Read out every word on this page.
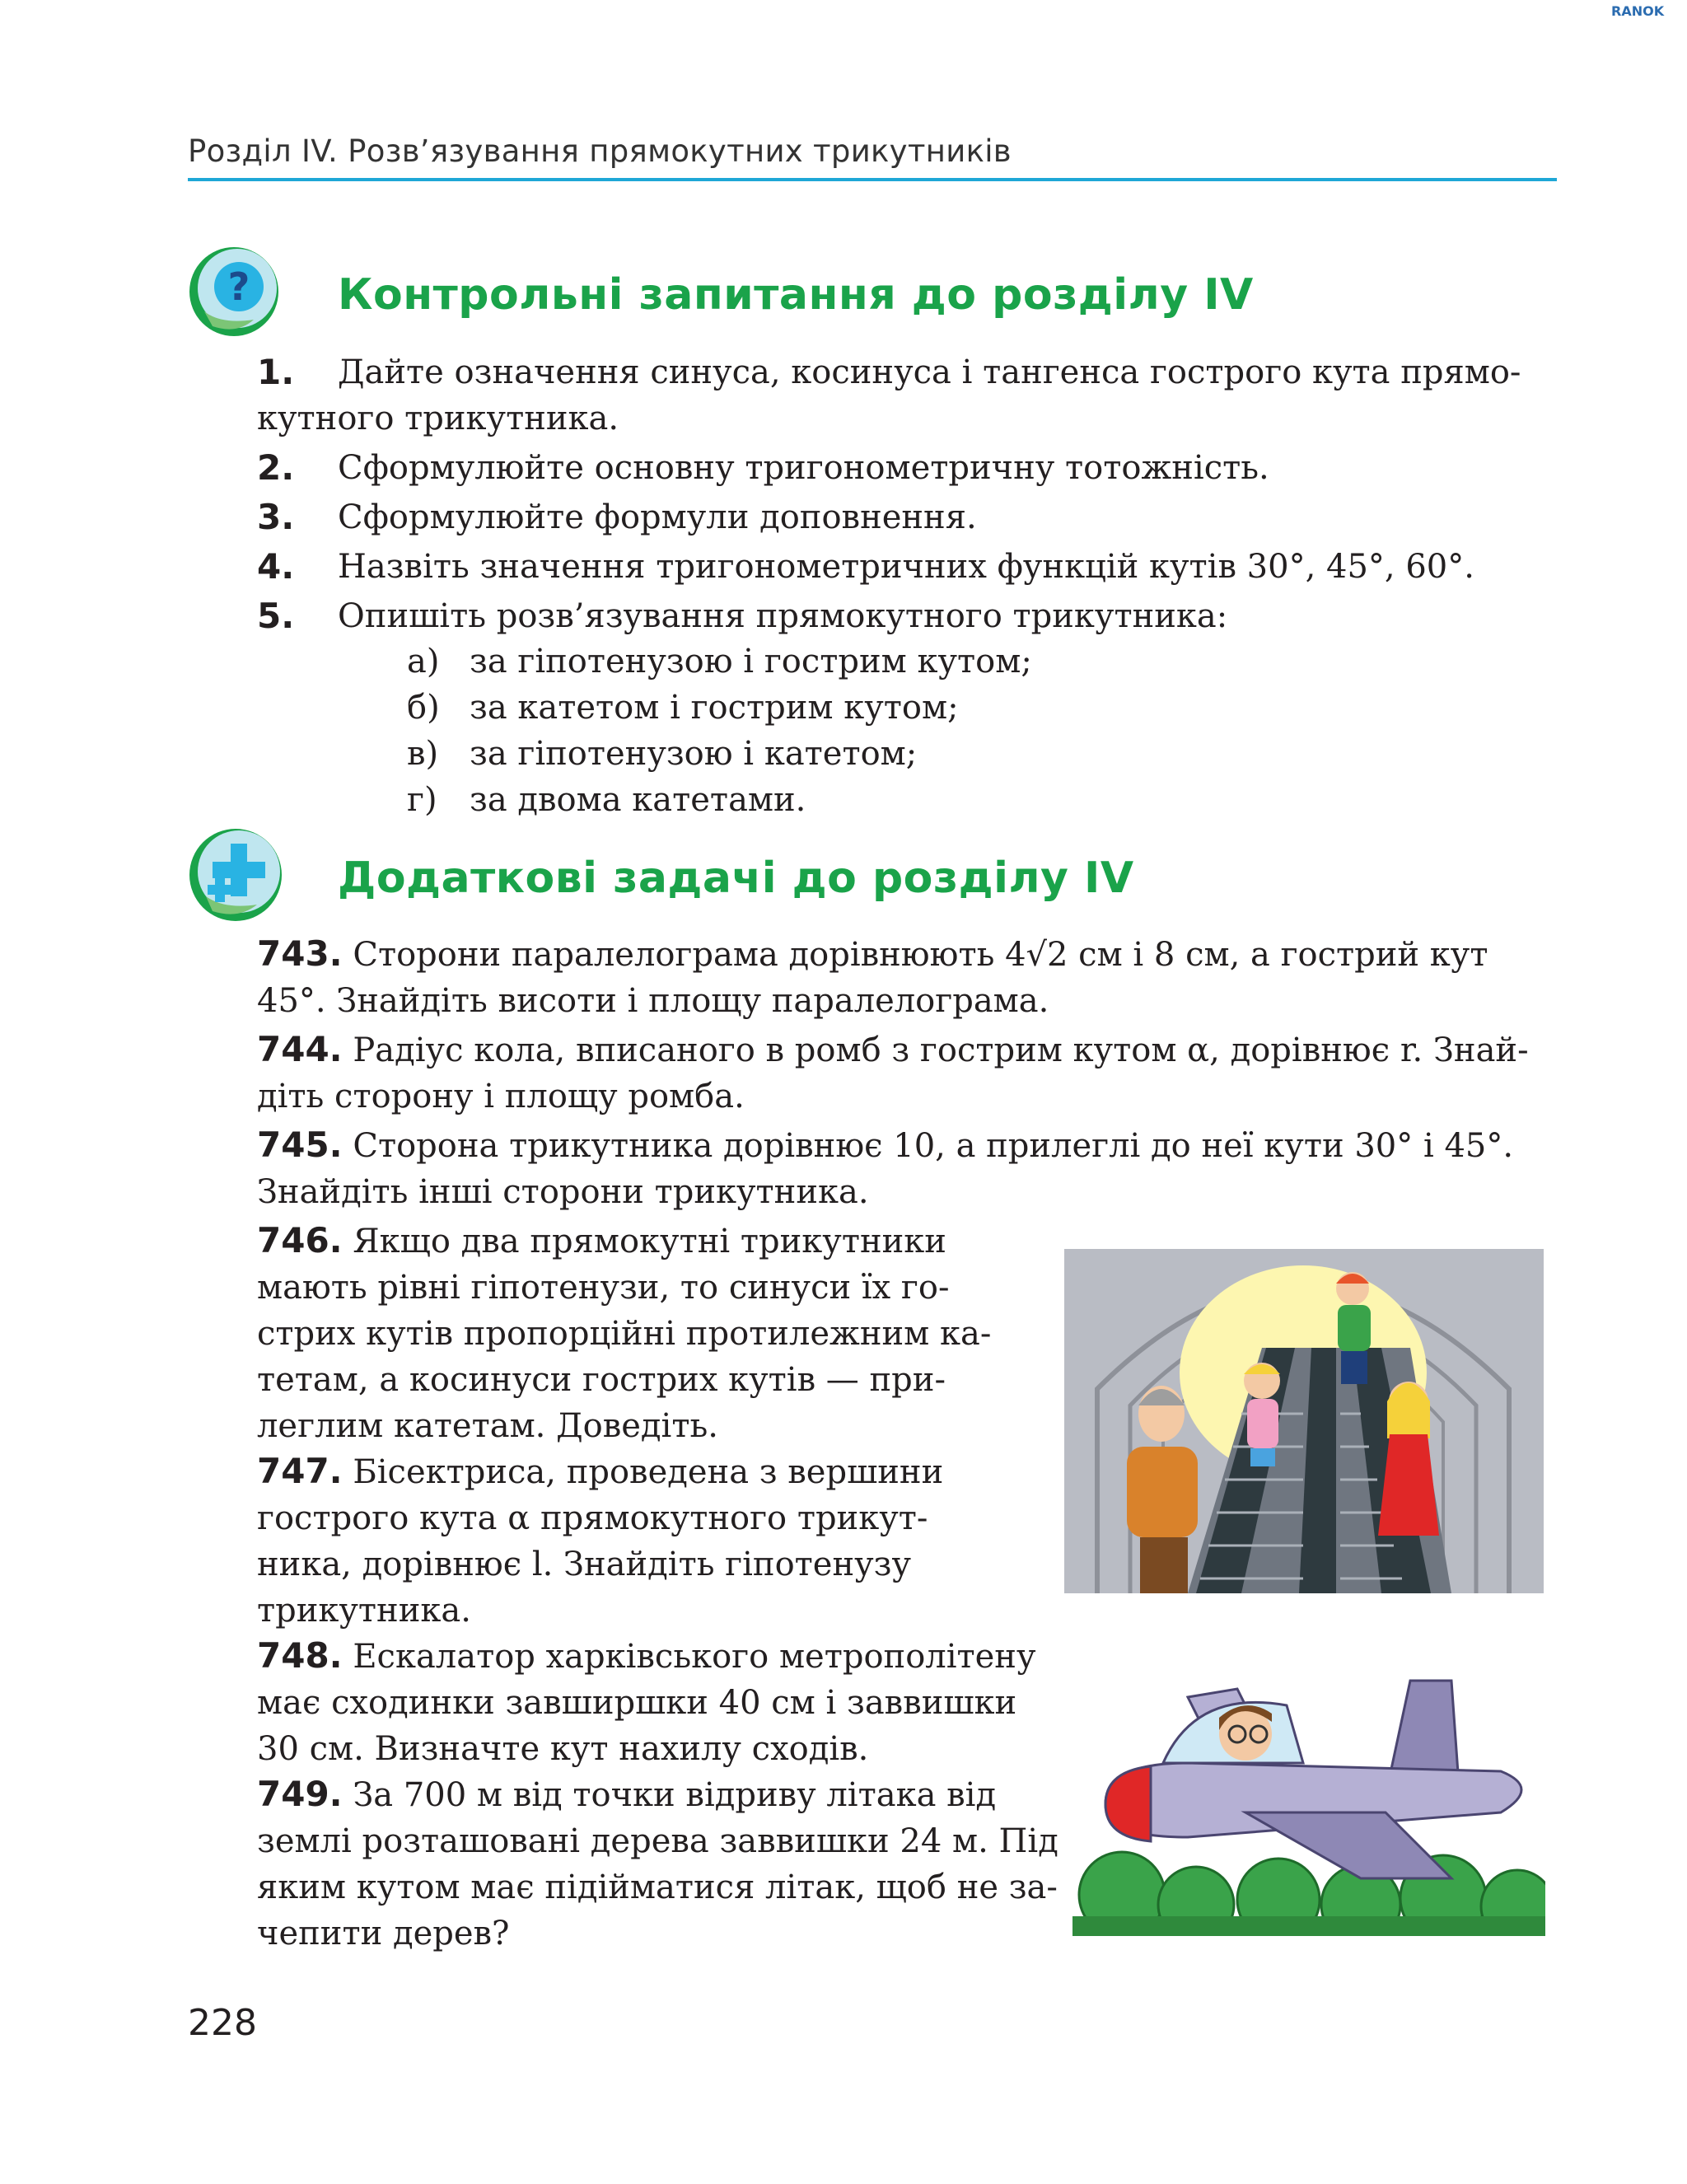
RANOK
Розділ IV. Розв’язування прямокутних трикутників
? Контрольні запитання до розділу IV
1. Дайте означення синуса, косинуса і тангенса гострого кута прямо-
кутного трикутника.
2. Сформулюйте основну тригонометричну тотожність.
3. Сформулюйте формули доповнення.
4. Назвіть значення тригонометричних функцій кутів 30°, 45°, 60°.
5. Опишіть розв’язування прямокутного трикутника:
а) за гіпотенузою і гострим кутом;
б) за катетом і гострим кутом;
в) за гіпотенузою і катетом;
г) за двома катетами.
Додаткові задачі до розділу IV
743. Сторони паралелограма дорівнюють 4√2 см і 8 см, а гострий кут
45°. Знайдіть висоти і площу паралелограма.
744. Радіус кола, вписаного в ромб з гострим кутом α, дорівнює r. Знай-
діть сторону і площу ромба.
745. Сторона трикутника дорівнює 10, а прилеглі до неї кути 30° і 45°.
Знайдіть інші сторони трикутника.
746. Якщо два прямокутні трикутники
мають рівні гіпотенузи, то синуси їх го-
стрих кутів пропорційні протилежним ка-
тетам, а косинуси гострих кутів — при-
леглим катетам. Доведіть.
747. Бісектриса, проведена з вершини
гострого кута α прямокутного трикут-
ника, дорівнює l. Знайдіть гіпотенузу
трикутника.
748. Ескалатор харківського метрополітену
має сходинки завширшки 40 см і заввишки
30 см. Визначте кут нахилу сходів.
749. За 700 м від точки відриву літака від
землі розташовані дерева заввишки 24 м. Під
яким кутом має підійматися літак, щоб не за-
чепити дерев?
228
